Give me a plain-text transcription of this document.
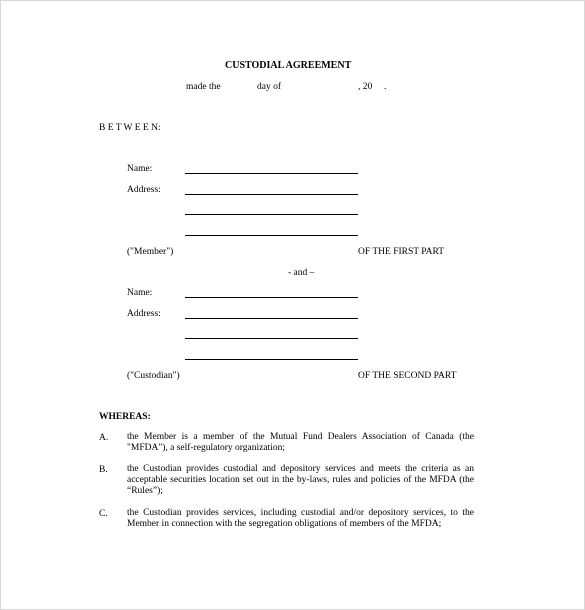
CUSTODIAL AGREEMENT
made the	day of	, 20 .
B E T W E E N:
Name:
Address:
("Member")	OF THE FIRST PART
- and –
Name:
Address:
("Custodian")	OF THE SECOND PART
WHEREAS:
A. the Member is a member of the Mutual Fund Dealers Association of Canada (the "MFDA"), a self-regulatory organization;
B. the Custodian provides custodial and depository services and meets the criteria as an acceptable securities location set out in the by-laws, rules and policies of the MFDA (the “Rules”);
C. the Custodian provides services, including custodial and/or depository services, to the Member in connection with the segregation obligations of members of the MFDA;
